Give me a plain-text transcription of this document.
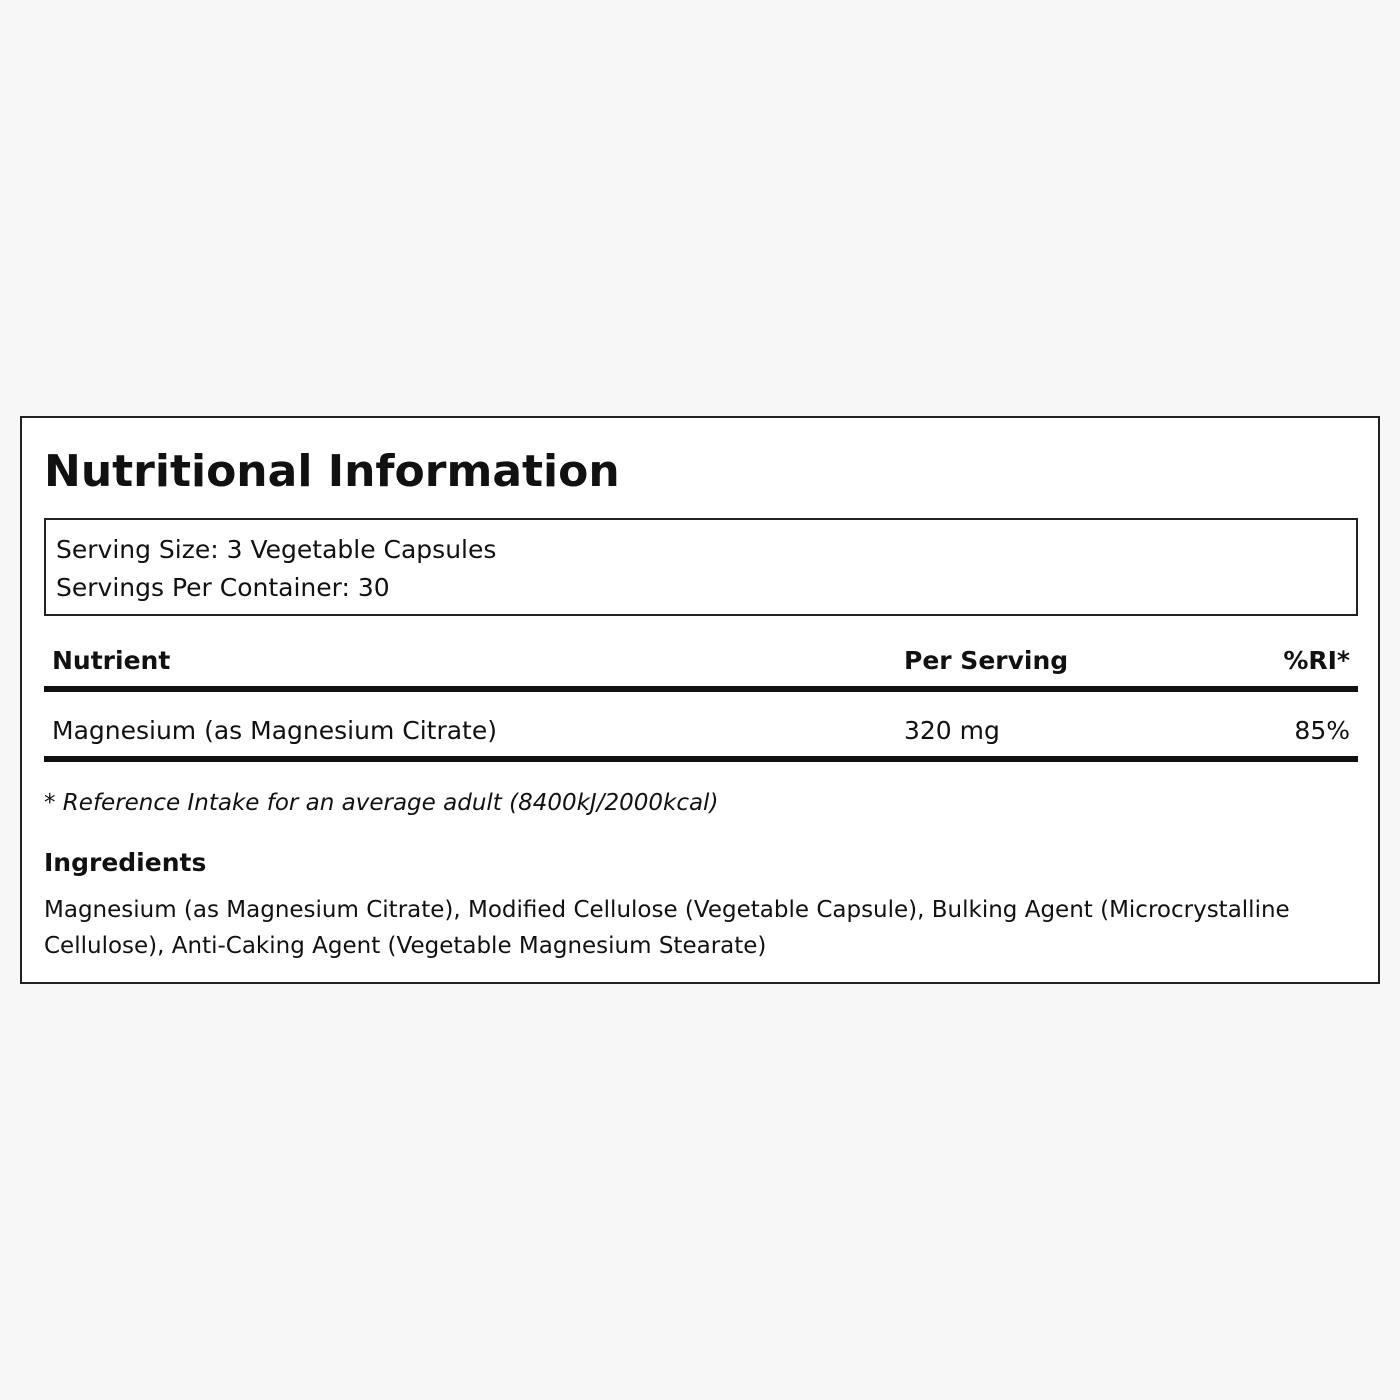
Nutritional Information
Serving Size: 3 Vegetable Capsules
Servings Per Container: 30
Nutrient	Per Serving	%RI*
Magnesium (as Magnesium Citrate)	320 mg	85%
* Reference Intake for an average adult (8400kJ/2000kcal)
Ingredients
Magnesium (as Magnesium Citrate), Modified Cellulose (Vegetable Capsule), Bulking Agent (Microcrystalline Cellulose), Anti-Caking Agent (Vegetable Magnesium Stearate)
